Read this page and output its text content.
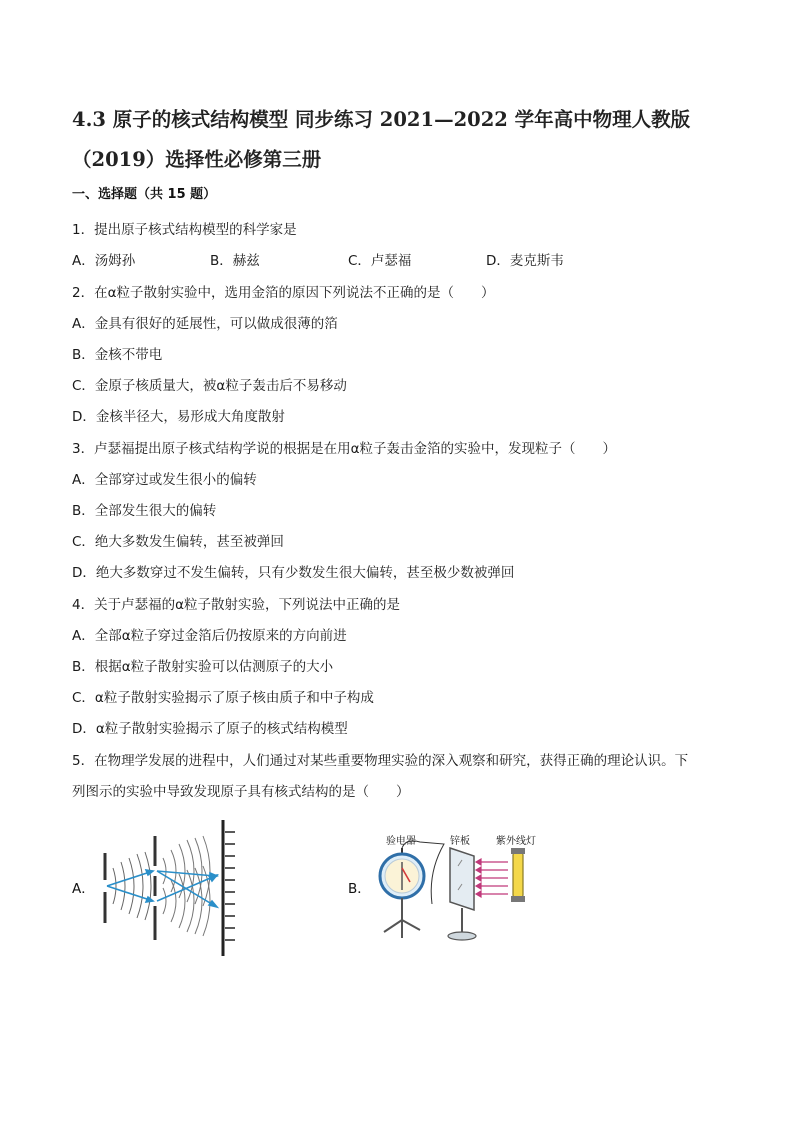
4.3 原子的核式结构模型 同步练习 2021—2022 学年高中物理人教版
（2019）选择性必修第三册
一、选择题（共 15 题）
1．提出原子核式结构模型的科学家是
A．汤姆孙	B．赫兹	C．卢瑟福	D．麦克斯韦
2．在α粒子散射实验中，选用金箔的原因下列说法不正确的是（　　）
A．金具有很好的延展性，可以做成很薄的箔
B．金核不带电
C．金原子核质量大，被α粒子轰击后不易移动
D．金核半径大，易形成大角度散射
3．卢瑟福提出原子核式结构学说的根据是在用α粒子轰击金箔的实验中，发现粒子（　　）
A．全部穿过或发生很小的偏转
B．全部发生很大的偏转
C．绝大多数发生偏转，甚至被弹回
D．绝大多数穿过不发生偏转，只有少数发生很大偏转，甚至极少数被弹回
4．关于卢瑟福的α粒子散射实验，下列说法中正确的是
A．全部α粒子穿过金箔后仍按原来的方向前进
B．根据α粒子散射实验可以估测原子的大小
C．α粒子散射实验揭示了原子核由质子和中子构成
D．α粒子散射实验揭示了原子的核式结构模型
5．在物理学发展的进程中，人们通过对某些重要物理实验的深入观察和研究，获得正确的理论认识。下
列图示的实验中导致发现原子具有核式结构的是（　　）
A．	B．
验电器	锌板	紫外线灯
